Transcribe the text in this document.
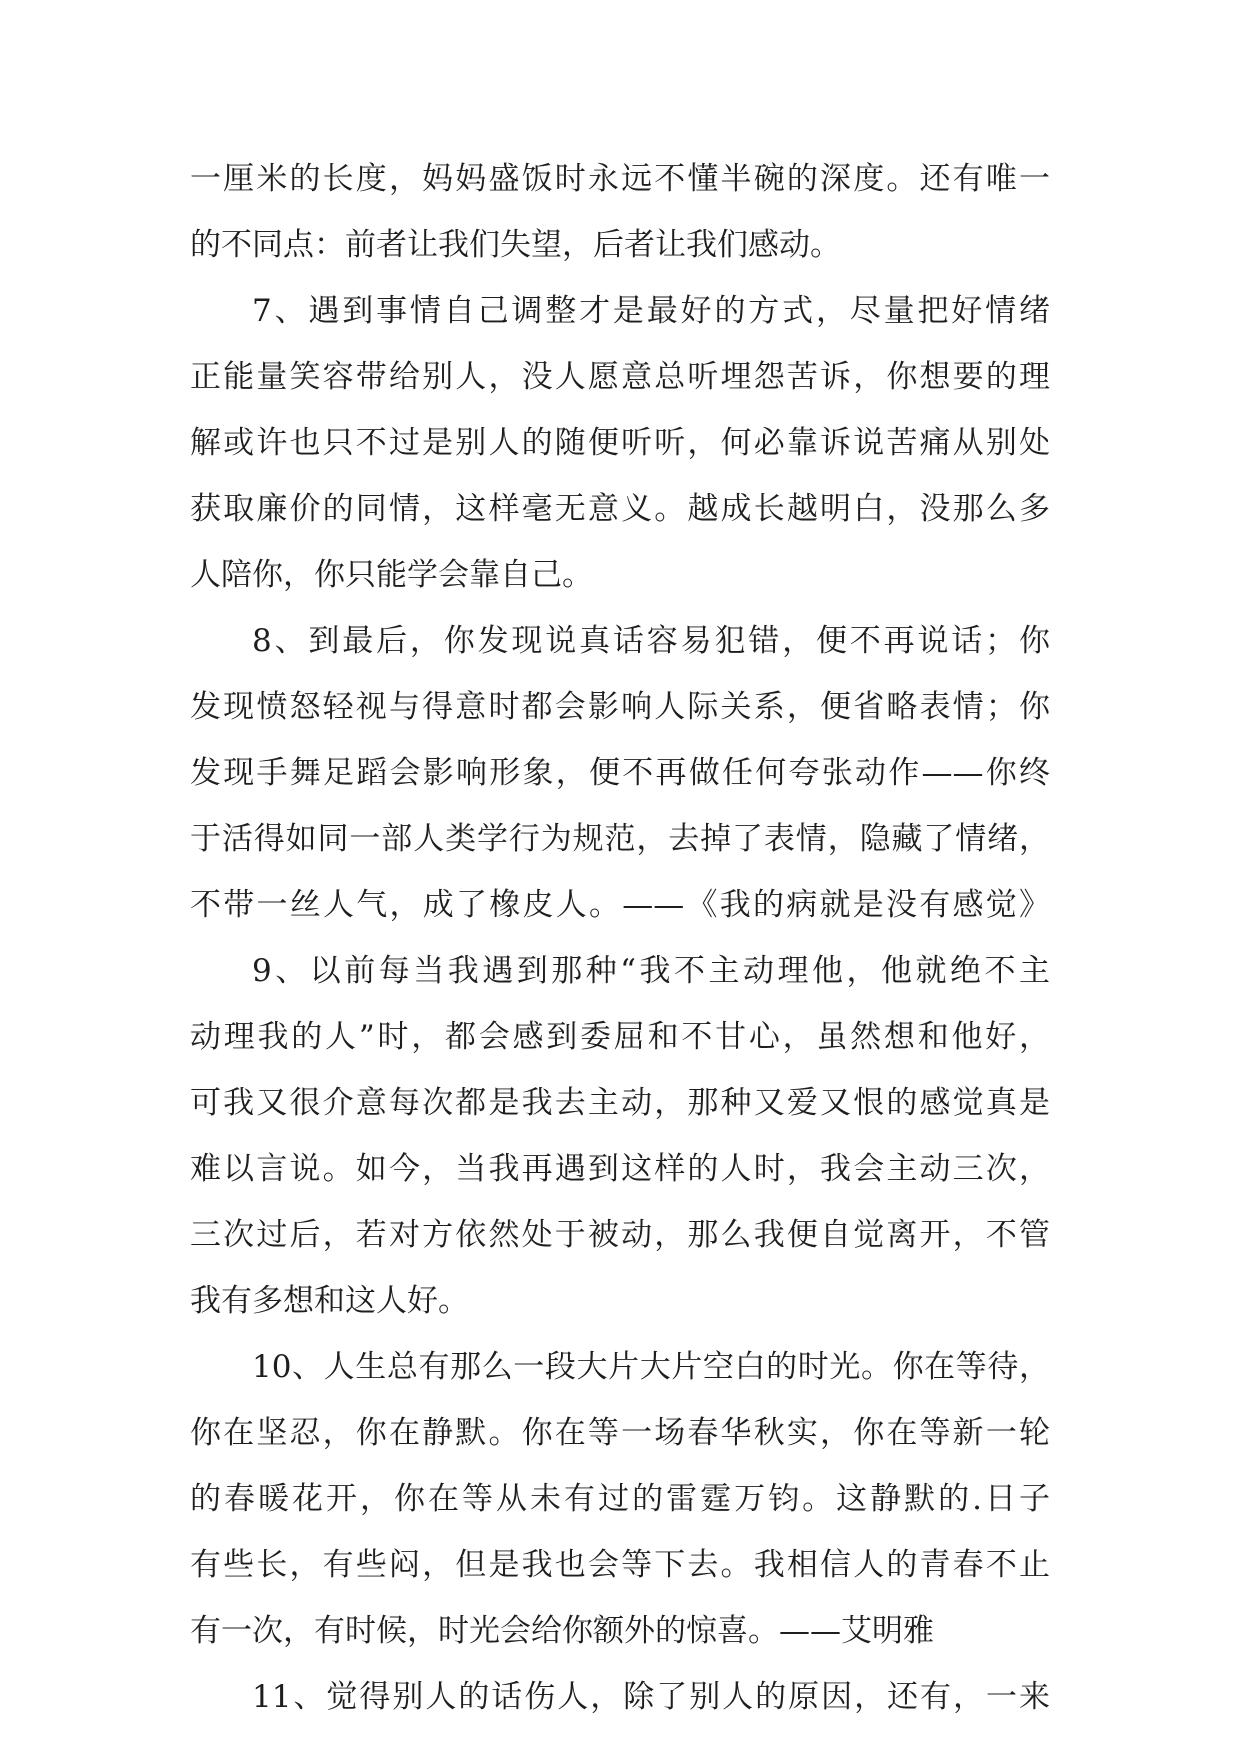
一厘米的长度，妈妈盛饭时永远不懂半碗的深度。还有唯一
的不同点：前者让我们失望，后者让我们感动。
7、遇到事情自己调整才是最好的方式，尽量把好情绪
正能量笑容带给别人，没人愿意总听埋怨苦诉，你想要的理
解或许也只不过是别人的随便听听，何必靠诉说苦痛从别处
获取廉价的同情，这样毫无意义。越成长越明白，没那么多
人陪你，你只能学会靠自己。
8、到最后，你发现说真话容易犯错，便不再说话；你
发现愤怒轻视与得意时都会影响人际关系，便省略表情；你
发现手舞足蹈会影响形象，便不再做任何夸张动作——你终
于活得如同一部人类学行为规范，去掉了表情，隐藏了情绪，
不带一丝人气，成了橡皮人。——《我的病就是没有感觉》
9、以前每当我遇到那种“我不主动理他，他就绝不主
动理我的人”时，都会感到委屈和不甘心，虽然想和他好，
可我又很介意每次都是我去主动，那种又爱又恨的感觉真是
难以言说。如今，当我再遇到这样的人时，我会主动三次，
三次过后，若对方依然处于被动，那么我便自觉离开，不管
我有多想和这人好。
10、人生总有那么一段大片大片空白的时光。你在等待，
你在坚忍，你在静默。你在等一场春华秋实，你在等新一轮
的春暖花开，你在等从未有过的雷霆万钧。这静默的.日子
有些长，有些闷，但是我也会等下去。我相信人的青春不止
有一次，有时候，时光会给你额外的惊喜。——艾明雅
11、觉得别人的话伤人，除了别人的原因，还有，一来
